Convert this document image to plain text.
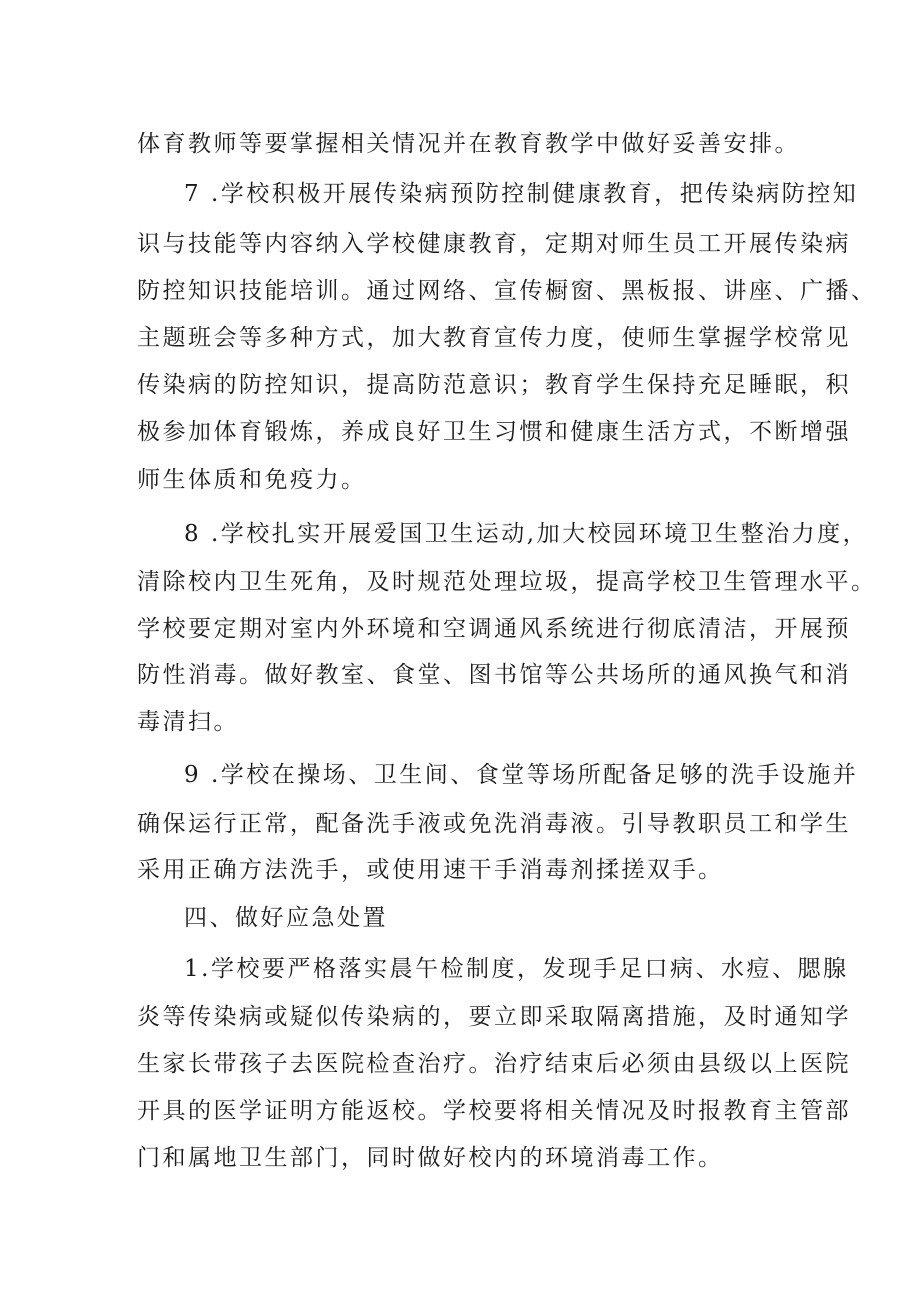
体育教师等要掌握相关情况并在教育教学中做好妥善安排。
7 .学校积极开展传染病预防控制健康教育，把传染病防控知
识与技能等内容纳入学校健康教育，定期对师生员工开展传染病
防控知识技能培训。通过网络、宣传橱窗、黑板报、讲座、广播、
主题班会等多种方式，加大教育宣传力度，使师生掌握学校常见
传染病的防控知识，提高防范意识；教育学生保持充足睡眠，积
极参加体育锻炼，养成良好卫生习惯和健康生活方式，不断增强
师生体质和免疫力。
8 .学校扎实开展爱国卫生运动,加大校园环境卫生整治力度，
清除校内卫生死角，及时规范处理垃圾，提高学校卫生管理水平。
学校要定期对室内外环境和空调通风系统进行彻底清洁，开展预
防性消毒。做好教室、食堂、图书馆等公共场所的通风换气和消
毒清扫。
9 .学校在操场、卫生间、食堂等场所配备足够的洗手设施并
确保运行正常，配备洗手液或免洗消毒液。引导教职员工和学生
采用正确方法洗手，或使用速干手消毒剂揉搓双手。
四、做好应急处置
1.学校要严格落实晨午检制度，发现手足口病、水痘、腮腺
炎等传染病或疑似传染病的，要立即采取隔离措施，及时通知学
生家长带孩子去医院检查治疗。治疗结束后必须由县级以上医院
开具的医学证明方能返校。学校要将相关情况及时报教育主管部
门和属地卫生部门，同时做好校内的环境消毒工作。
